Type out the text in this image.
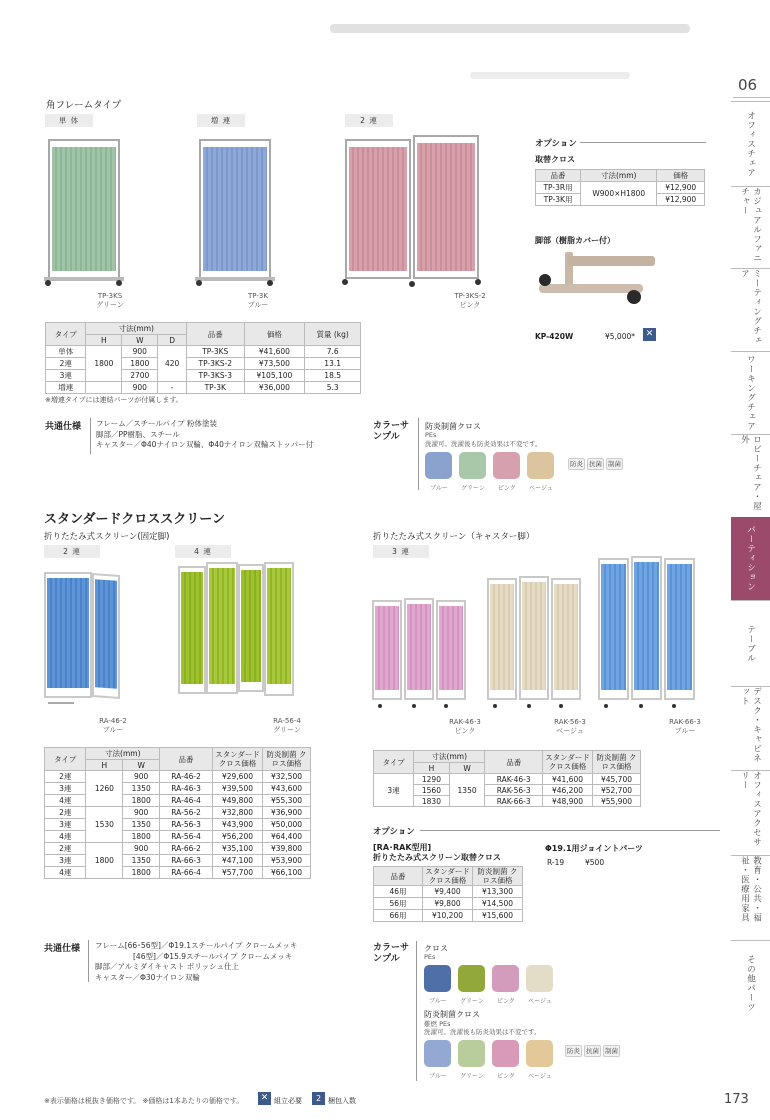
06
オフィスチェア
カジュアルファニチャー
ミーティングチェア
ワーキングチェア
ロビーチェア・屋外
パーティション
テーブル
デスク・キャビネット
オフィスアクセサリー
教育・公共・福祉・医療用家具
その他パーツ
角フレームタイプ
単 体	増 連	2 連
TP-3KS
グリーン
TP-3K
ブルー
TP-3KS-2
ピンク
タイプ	寸法(mm)			品番	価格	質量 (kg)
	H	W	D			
単体	1800	900	420	TP-3KS	¥41,600	7.6
2連		1800		TP-3KS-2	¥73,500	13.1
3連		2700		TP-3KS-3	¥105,100	18.5
増連		900	-	TP-3K	¥36,000	5.3
※増連タイプには連結パーツが付属します。
共通仕様 フレーム／スチールパイプ 粉体塗装
脚部／PP樹脂、スチール
キャスター／Φ40ナイロン双輪、Φ40ナイロン双輪ストッパー付
カラーサンプル
防炎制菌クロス
PEs
洗濯可。洗濯後も防炎効果は不変です。
ブルー	グリーン	ピンク	ベージュ
防炎 抗菌 制菌
オプション
取替クロス
品番	寸法(mm)	価格
TP-3R用	W900×H1800	¥12,900
TP-3K用		¥12,900
脚部（樹脂カバー付）
KP-420W	¥5,000*	✕
スタンダードクロススクリーン
折りたたみ式スクリーン(固定脚)
2 連	4 連
折りたたみ式スクリーン（キャスター脚）
3 連
RA-46-2
ブルー
RA-56-4
グリーン
RAK-46-3
ピンク
RAK-56-3
ベージュ
RAK-66-3
ブルー
タイプ	寸法(mm)		品番	スタンダード クロス価格	防炎制菌 クロス価格
	H	W			
2連	1260	900	RA-46-2	¥29,600	¥32,500
3連		1350	RA-46-3	¥39,500	¥43,600
4連		1800	RA-46-4	¥49,800	¥55,300
2連	1530	900	RA-56-2	¥32,800	¥36,900
3連		1350	RA-56-3	¥43,900	¥50,000
4連		1800	RA-56-4	¥56,200	¥64,400
2連	1800	900	RA-66-2	¥35,100	¥39,800
3連		1350	RA-66-3	¥47,100	¥53,900
4連		1800	RA-66-4	¥57,700	¥66,100
タイプ	寸法(mm)		品番	スタンダード クロス価格	防炎制菌 クロス価格
	H	W			
3連	1290	1350	RAK-46-3	¥41,600	¥45,700
	1560		RAK-56-3	¥46,200	¥52,700
	1830		RAK-66-3	¥48,900	¥55,900
オプション
[RA･RAK型用]
折りたたみ式スクリーン取替クロス
品番	スタンダード クロス価格	防炎制菌 クロス価格
46用	¥9,400	¥13,300
56用	¥9,800	¥14,500
66用	¥10,200	¥15,600
Φ19.1用ジョイントパーツ
R-19	¥500
共通仕様 フレーム[66･56型]／Φ19.1スチールパイプ クロームメッキ
[46型]／Φ15.9スチールパイプ クロームメッキ
脚部／アルミダイキャスト ポリッシュ仕上
キャスター／Φ30ナイロン双輪
カラーサンプル
クロス
PEs
ブルー	グリーン	ピンク	ベージュ
防炎制菌クロス
難燃 PEs
洗濯可。洗濯後も防炎効果は不変です。
ブルー	グリーン	ピンク	ベージュ
防炎 抗菌 制菌
※表示価格は税抜き価格です。 ※価格は1本あたりの価格です。	✕ 組立必要	2 梱包入数	173
